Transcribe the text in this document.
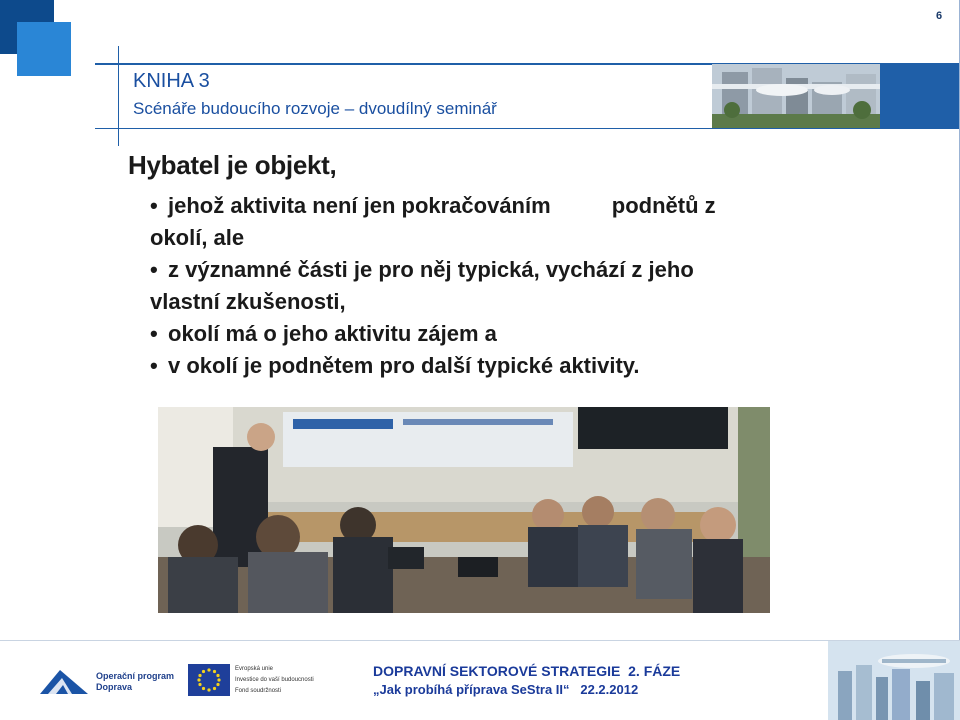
6
KNIHA 3
Scénáře budoucího rozvoje – dvoudílný seminář
Hybatel je objekt,
• jehož aktivita není jen pokračováním          podnětů z
okolí, ale
• z významné části je pro něj typická, vychází z jeho
vlastní zkušenosti,
• okolí má o jeho aktivitu zájem a
• v okolí je podnětem pro další typické aktivity.
Operační program
Doprava
Evropská unie
Investice do vaší budoucnosti
Fond soudržnosti
DOPRAVNÍ SEKTOROVÉ STRATEGIE  2. FÁZE
„Jak probíhá příprava SeStra II“   22.2.2012
